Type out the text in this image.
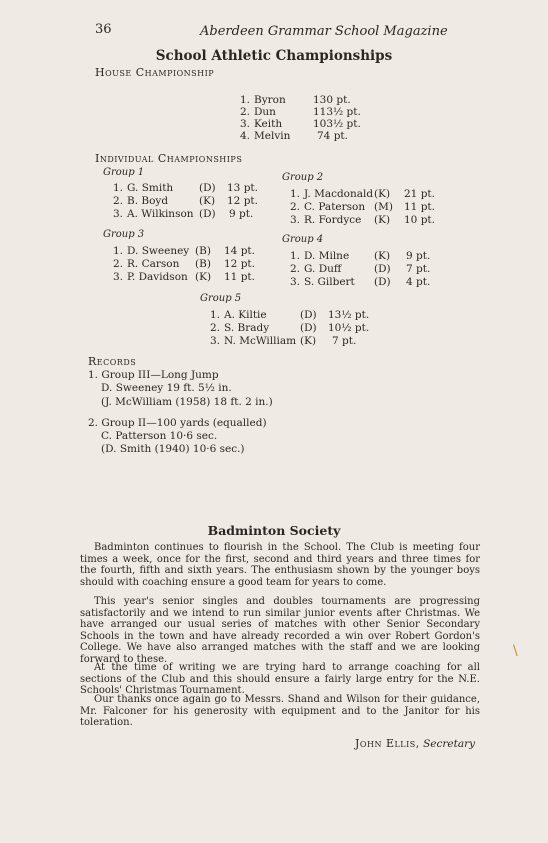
36	Aberdeen Grammar School Magazine
School Athletic Championships
House Championship
1. Byron	130 pt.
2. Dun	113½ pt.
3. Keith	103½ pt.
4. Melvin	74 pt.
Individual Championships
Group 1
1. G. Smith (D) 13 pt.
2. B. Boyd	(K) 12 pt.
3. A. Wilkinson (D) 9 pt.
Group 2
1. J. Macdonald (K) 21 pt.
2. C. Paterson (M) 11 pt.
3. R. Fordyce (K) 10 pt.
Group 3
1. D. Sweeney (B) 14 pt.
2. R. Carson (B) 12 pt.
3. P. Davidson (K) 11 pt.
Group 4
1. D. Milne (K) 9 pt.
2. G. Duff	(D) 7 pt.
3. S. Gilbert (D) 4 pt.
Group 5
1. A. Kiltie	(D) 13½ pt.
2. S. Brady	(D) 10½ pt.
3. N. McWilliam (K) 7 pt.
Records
1. Group III—Long Jump
D. Sweeney 19 ft. 5½ in.
(J. McWilliam (1958) 18 ft. 2 in.)
2. Group II—100 yards (equalled)
C. Patterson 10·6 sec.
(D. Smith (1940) 10·6 sec.)
Badminton Society
Badminton continues to flourish in the School. The Club is meeting four times a week, once for the first, second and third years and three times for the fourth, fifth and sixth years. The enthusiasm shown by the younger boys should with coaching ensure a good team for years to come.
This year's senior singles and doubles tournaments are progressing satisfactorily and we intend to run similar junior events after Christmas. We have arranged our usual series of matches with other Senior Secondary Schools in the town and have already recorded a win over Robert Gordon's College. We have also arranged matches with the staff and we are looking forward to these.
At the time of writing we are trying hard to arrange coaching for all sections of the Club and this should ensure a fairly large entry for the N.E. Schools' Christmas Tournament.
Our thanks once again go to Messrs. Shand and Wilson for their guidance, Mr. Falconer for his generosity with equipment and to the Janitor for his toleration.
John Ellis, Secretary
\
